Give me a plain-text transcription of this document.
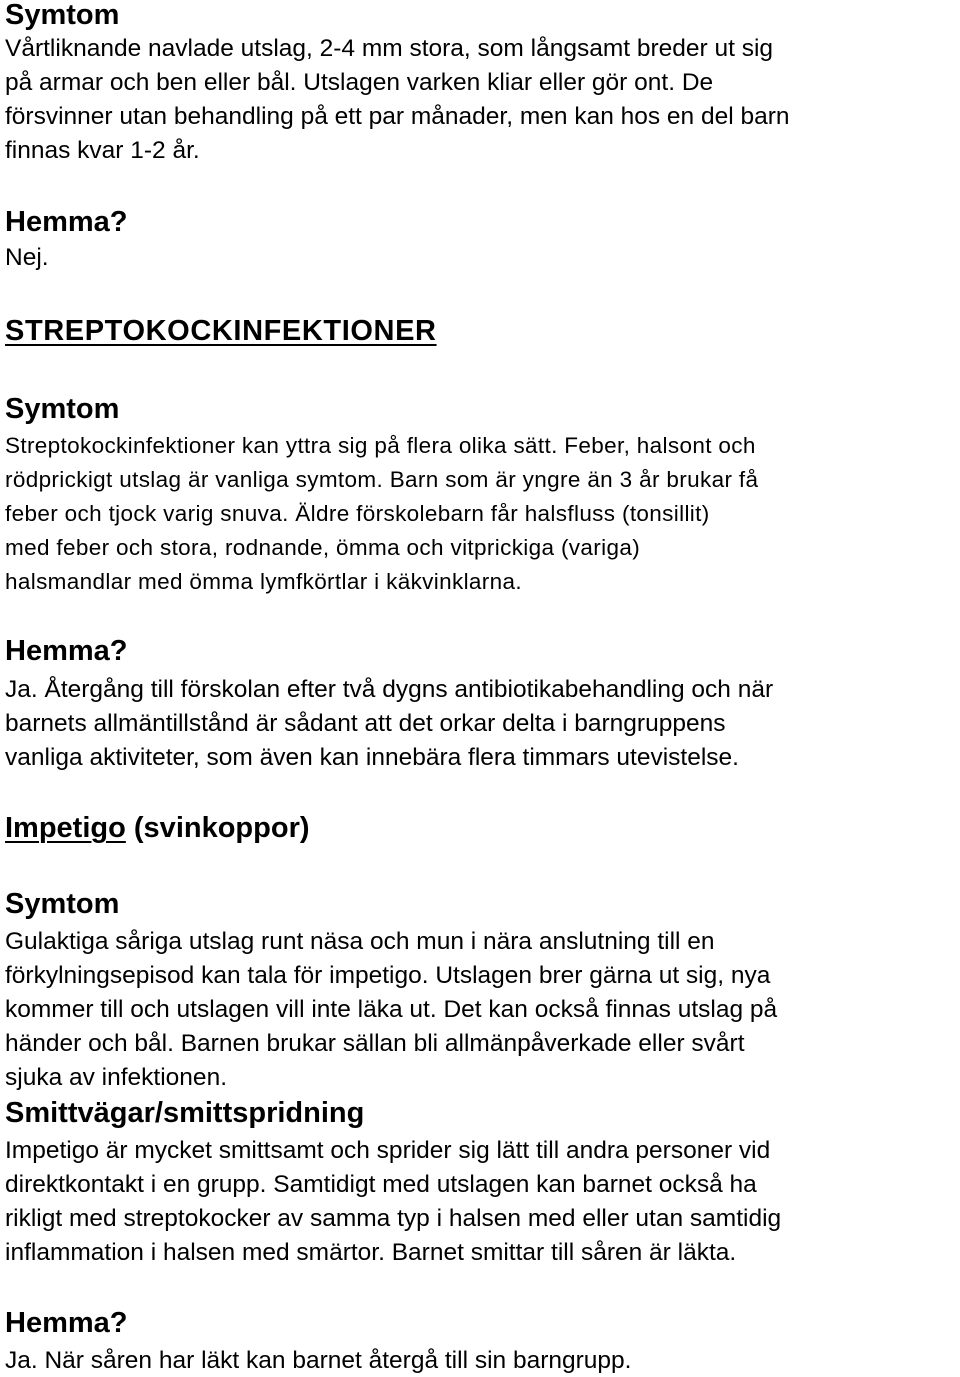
Symtom
Vårtliknande navlade utslag, 2-4 mm stora, som långsamt breder ut sig
på armar och ben eller bål. Utslagen varken kliar eller gör ont. De
försvinner utan behandling på ett par månader, men kan hos en del barn
finnas kvar 1-2 år.
Hemma?
Nej.
STREPTOKOCKINFEKTIONER
Symtom
Streptokockinfektioner kan yttra sig på flera olika sätt. Feber, halsont och
rödprickigt utslag är vanliga symtom. Barn som är yngre än 3 år brukar få
feber och tjock varig snuva. Äldre förskolebarn får halsfluss (tonsillit)
med feber och stora, rodnande, ömma och vitprickiga (variga)
halsmandlar med ömma lymfkörtlar i käkvinklarna.
Hemma?
Ja. Återgång till förskolan efter två dygns antibiotikabehandling och när
barnets allmäntillstånd är sådant att det orkar delta i barngruppens
vanliga aktiviteter, som även kan innebära flera timmars utevistelse.
Impetigo (svinkoppor)
Symtom
Gulaktiga såriga utslag runt näsa och mun i nära anslutning till en
förkylningsepisod kan tala för impetigo. Utslagen brer gärna ut sig, nya
kommer till och utslagen vill inte läka ut. Det kan också finnas utslag på
händer och bål. Barnen brukar sällan bli allmänpåverkade eller svårt
sjuka av infektionen.
Smittvägar/smittspridning
Impetigo är mycket smittsamt och sprider sig lätt till andra personer vid
direktkontakt i en grupp. Samtidigt med utslagen kan barnet också ha
rikligt med streptokocker av samma typ i halsen med eller utan samtidig
inflammation i halsen med smärtor. Barnet smittar till såren är läkta.
Hemma?
Ja. När såren har läkt kan barnet återgå till sin barngrupp.
